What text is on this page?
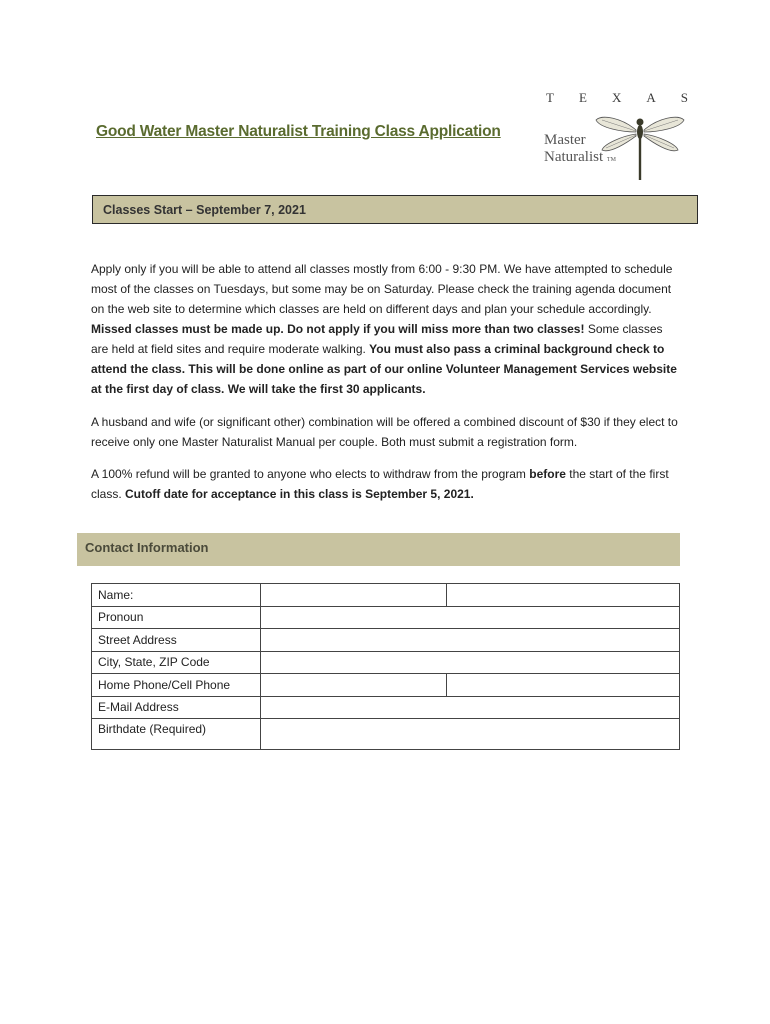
Good Water Master Naturalist Training Class Application
T E X A S
Master
Naturalist TM
Classes Start – September 7, 2021
Apply only if you will be able to attend all classes mostly from 6:00 - 9:30 PM. We have attempted to schedule most of the classes on Tuesdays, but some may be on Saturday. Please check the training agenda document on the web site to determine which classes are held on different days and plan your schedule accordingly. Missed classes must be made up. Do not apply if you will miss more than two classes! Some classes are held at field sites and require moderate walking. You must also pass a criminal background check to attend the class. This will be done online as part of our online Volunteer Management Services website at the first day of class. We will take the first 30 applicants.
A husband and wife (or significant other) combination will be offered a combined discount of $30 if they elect to receive only one Master Naturalist Manual per couple. Both must submit a registration form.
A 100% refund will be granted to anyone who elects to withdraw from the program before the start of the first class. Cutoff date for acceptance in this class is September 5, 2021.
Contact Information
Name:		
Pronoun		
Street Address		
City, State, ZIP Code		
Home Phone/Cell Phone		
E-Mail Address		
Birthdate (Required)		
